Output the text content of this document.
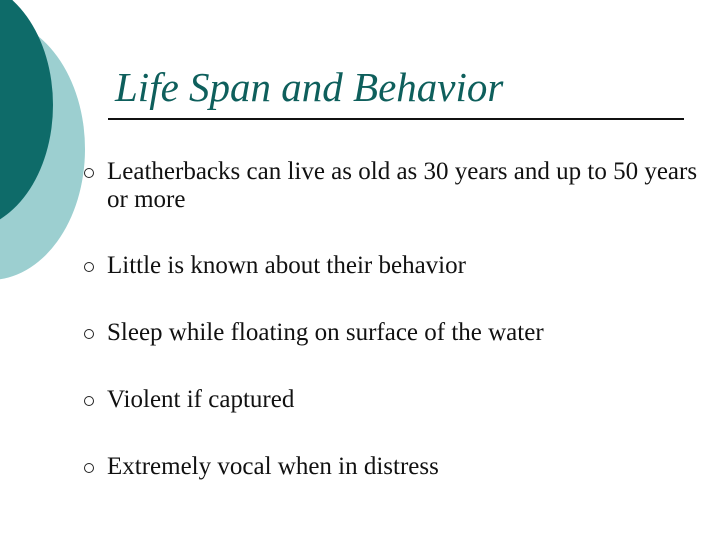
Life Span and Behavior
Leatherbacks can live as old as 30 years and up to 50 years or more
Little is known about their behavior
Sleep while floating on surface of the water
Violent if captured
Extremely vocal when in distress
